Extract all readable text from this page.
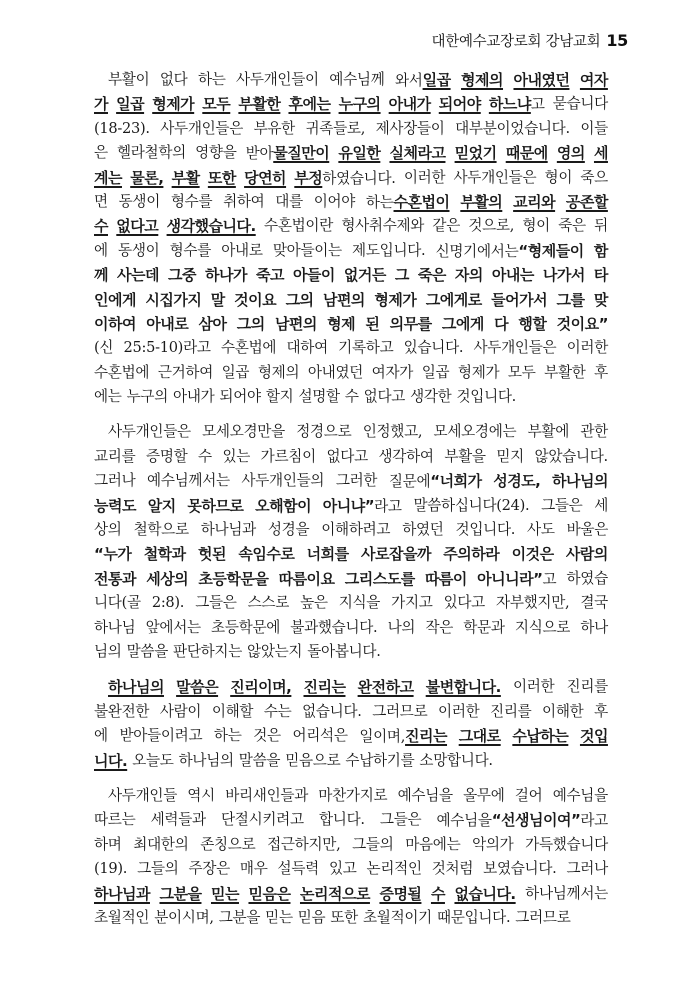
대한예수교장로회 강남교회 15
부활이 없다 하는 사두개인들이 예수님께 와서일곱 형제의 아내였던 여자
가 일곱 형제가 모두 부활한 후에는 누구의 아내가 되어야 하느냐고 묻습니다
(18-23). 사두개인들은 부유한 귀족들로, 제사장들이 대부분이었습니다. 이들
은 헬라철학의 영향을 받아물질만이 유일한 실체라고 믿었기 때문에 영의 세
계는 물론, 부활 또한 당연히 부정하였습니다. 이러한 사두개인들은 형이 죽으
면 동생이 형수를 취하여 대를 이어야 하는수혼법이 부활의 교리와 공존할
수 없다고 생각했습니다. 수혼법이란 형사취수제와 같은 것으로, 형이 죽은 뒤
에 동생이 형수를 아내로 맞아들이는 제도입니다. 신명기에서는“형제들이 함
께 사는데 그중 하나가 죽고 아들이 없거든 그 죽은 자의 아내는 나가서 타
인에게 시집가지 말 것이요 그의 남편의 형제가 그에게로 들어가서 그를 맞
이하여 아내로 삼아 그의 남편의 형제 된 의무를 그에게 다 행할 것이요”
(신 25:5-10)라고 수혼법에 대하여 기록하고 있습니다. 사두개인들은 이러한
수혼법에 근거하여 일곱 형제의 아내였던 여자가 일곱 형제가 모두 부활한 후
에는 누구의 아내가 되어야 할지 설명할 수 없다고 생각한 것입니다.
사두개인들은 모세오경만을 정경으로 인정했고, 모세오경에는 부활에 관한
교리를 증명할 수 있는 가르침이 없다고 생각하여 부활을 믿지 않았습니다.
그러나 예수님께서는 사두개인들의 그러한 질문에“너희가 성경도, 하나님의
능력도 알지 못하므로 오해함이 아니냐”라고 말씀하십니다(24). 그들은 세
상의 철학으로 하나님과 성경을 이해하려고 하였던 것입니다. 사도 바울은
“누가 철학과 헛된 속임수로 너희를 사로잡을까 주의하라 이것은 사람의
전통과 세상의 초등학문을 따름이요 그리스도를 따름이 아니니라”고 하였습
니다(골 2:8). 그들은 스스로 높은 지식을 가지고 있다고 자부했지만, 결국
하나님 앞에서는 초등학문에 불과했습니다. 나의 작은 학문과 지식으로 하나
님의 말씀을 판단하지는 않았는지 돌아봅니다.
하나님의 말씀은 진리이며, 진리는 완전하고 불변합니다. 이러한 진리를
불완전한 사람이 이해할 수는 없습니다. 그러므로 이러한 진리를 이해한 후
에 받아들이려고 하는 것은 어리석은 일이며,진리는 그대로 수납하는 것입
니다. 오늘도 하나님의 말씀을 믿음으로 수납하기를 소망합니다.
사두개인들 역시 바리새인들과 마찬가지로 예수님을 올무에 걸어 예수님을
따르는 세력들과 단절시키려고 합니다. 그들은 예수님을“선생님이여”라고
하며 최대한의 존칭으로 접근하지만, 그들의 마음에는 악의가 가득했습니다
(19). 그들의 주장은 매우 설득력 있고 논리적인 것처럼 보였습니다. 그러나
하나님과 그분을 믿는 믿음은 논리적으로 증명될 수 없습니다. 하나님께서는
초월적인 분이시며, 그분을 믿는 믿음 또한 초월적이기 때문입니다. 그러므로
